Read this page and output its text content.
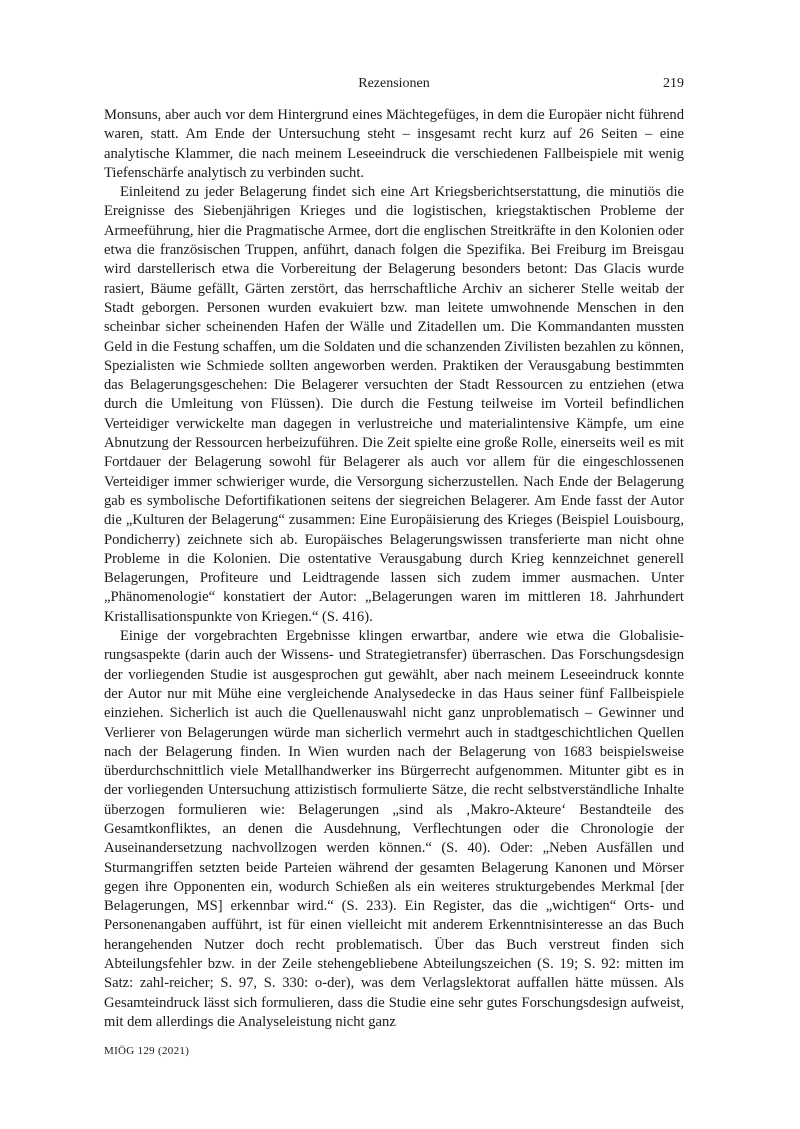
Rezensionen	219

Monsuns, aber auch vor dem Hintergrund eines Mächtegefüges, in dem die Europäer nicht führend waren, statt. Am Ende der Untersuchung steht – insgesamt recht kurz auf 26 Seiten – eine analytische Klammer, die nach meinem Leseeindruck die verschiedenen Fallbeispiele mit wenig Tiefenschärfe analytisch zu verbinden sucht.

Einleitend zu jeder Belagerung findet sich eine Art Kriegsberichtserstattung, die minutiös die Ereignisse des Siebenjährigen Krieges und die logistischen, kriegstaktischen Probleme der Armeeführung, hier die Pragmatische Armee, dort die englischen Streitkräfte in den Kolonien oder etwa die französischen Truppen, anführt, danach folgen die Spezifika. Bei Freiburg im Breisgau wird darstellerisch etwa die Vorbereitung der Belagerung besonders betont: Das Glacis wurde rasiert, Bäume gefällt, Gärten zerstört, das herrschaftliche Archiv an sicherer Stelle weitab der Stadt geborgen. Personen wurden evakuiert bzw. man leitete umwohnende Menschen in den scheinbar sicher scheinenden Hafen der Wälle und Zitadellen um. Die Kommandanten mussten Geld in die Festung schaffen, um die Soldaten und die schanzenden Zivilisten bezahlen zu können, Spezialisten wie Schmiede sollten angeworben werden. Praktiken der Verausgabung bestimmten das Belagerungsgeschehen: Die Belagerer versuchten der Stadt Ressourcen zu entziehen (etwa durch die Umleitung von Flüssen). Die durch die Festung teilweise im Vorteil befindlichen Verteidiger verwickelte man dagegen in verlustreiche und materialintensive Kämpfe, um eine Abnutzung der Ressourcen herbeizuführen. Die Zeit spielte eine große Rolle, einerseits weil es mit Fortdauer der Belagerung sowohl für Belagerer als auch vor allem für die eingeschlossenen Verteidiger immer schwieriger wurde, die Versorgung sicherzustellen. Nach Ende der Belagerung gab es symbolische Defortifikationen seitens der siegreichen Belagerer. Am Ende fasst der Autor die „Kulturen der Belagerung“ zusammen: Eine Europäisierung des Krieges (Beispiel Louisbourg, Pondicherry) zeichnete sich ab. Europäisches Belagerungswissen transferierte man nicht ohne Probleme in die Kolonien. Die ostentative Verausgabung durch Krieg kennzeichnet generell Belagerungen, Profiteure und Leidtragende lassen sich zudem immer ausmachen. Unter „Phänomenologie“ konstatiert der Autor: „Belagerungen waren im mittleren 18. Jahrhundert Kristallisationspunkte von Kriegen.“ (S. 416).

Einige der vorgebrachten Ergebnisse klingen erwartbar, andere wie etwa die Globalisierungsaspekte (darin auch der Wissens- und Strategietransfer) überraschen. Das Forschungsdesign der vorliegenden Studie ist ausgesprochen gut gewählt, aber nach meinem Leseeindruck konnte der Autor nur mit Mühe eine vergleichende Analysedecke in das Haus seiner fünf Fallbeispiele einziehen. Sicherlich ist auch die Quellenauswahl nicht ganz unproblematisch – Gewinner und Verlierer von Belagerungen würde man sicherlich vermehrt auch in stadtgeschichtlichen Quellen nach der Belagerung finden. In Wien wurden nach der Belagerung von 1683 beispielsweise überdurchschnittlich viele Metallhandwerker ins Bürgerrecht aufgenommen. Mitunter gibt es in der vorliegenden Untersuchung attizistisch formulierte Sätze, die recht selbstverständliche Inhalte überzogen formulieren wie: Belagerungen „sind als ‚Makro-Akteure‘ Bestandteile des Gesamtkonfliktes, an denen die Ausdehnung, Verflechtungen oder die Chronologie der Auseinandersetzung nachvollzogen werden können.“ (S. 40). Oder: „Neben Ausfällen und Sturmangriffen setzten beide Parteien während der gesamten Belagerung Kanonen und Mörser gegen ihre Opponenten ein, wodurch Schießen als ein weiteres strukturgebendes Merkmal [der Belagerungen, MS] erkennbar wird.“ (S. 233). Ein Register, das die „wichtigen“ Orts- und Personenangaben aufführt, ist für einen vielleicht mit anderem Erkenntnisinteresse an das Buch herangehenden Nutzer doch recht problematisch. Über das Buch verstreut finden sich Abteilungsfehler bzw. in der Zeile stehengebliebene Abteilungszeichen (S. 19; S. 92: mitten im Satz: zahl-reicher; S. 97, S. 330: o-der), was dem Verlagslektorat auffallen hätte müssen. Als Gesamteindruck lässt sich formulieren, dass die Studie eine sehr gutes Forschungsdesign aufweist, mit dem allerdings die Analyseleistung nicht ganz

MIÖG 129 (2021)
